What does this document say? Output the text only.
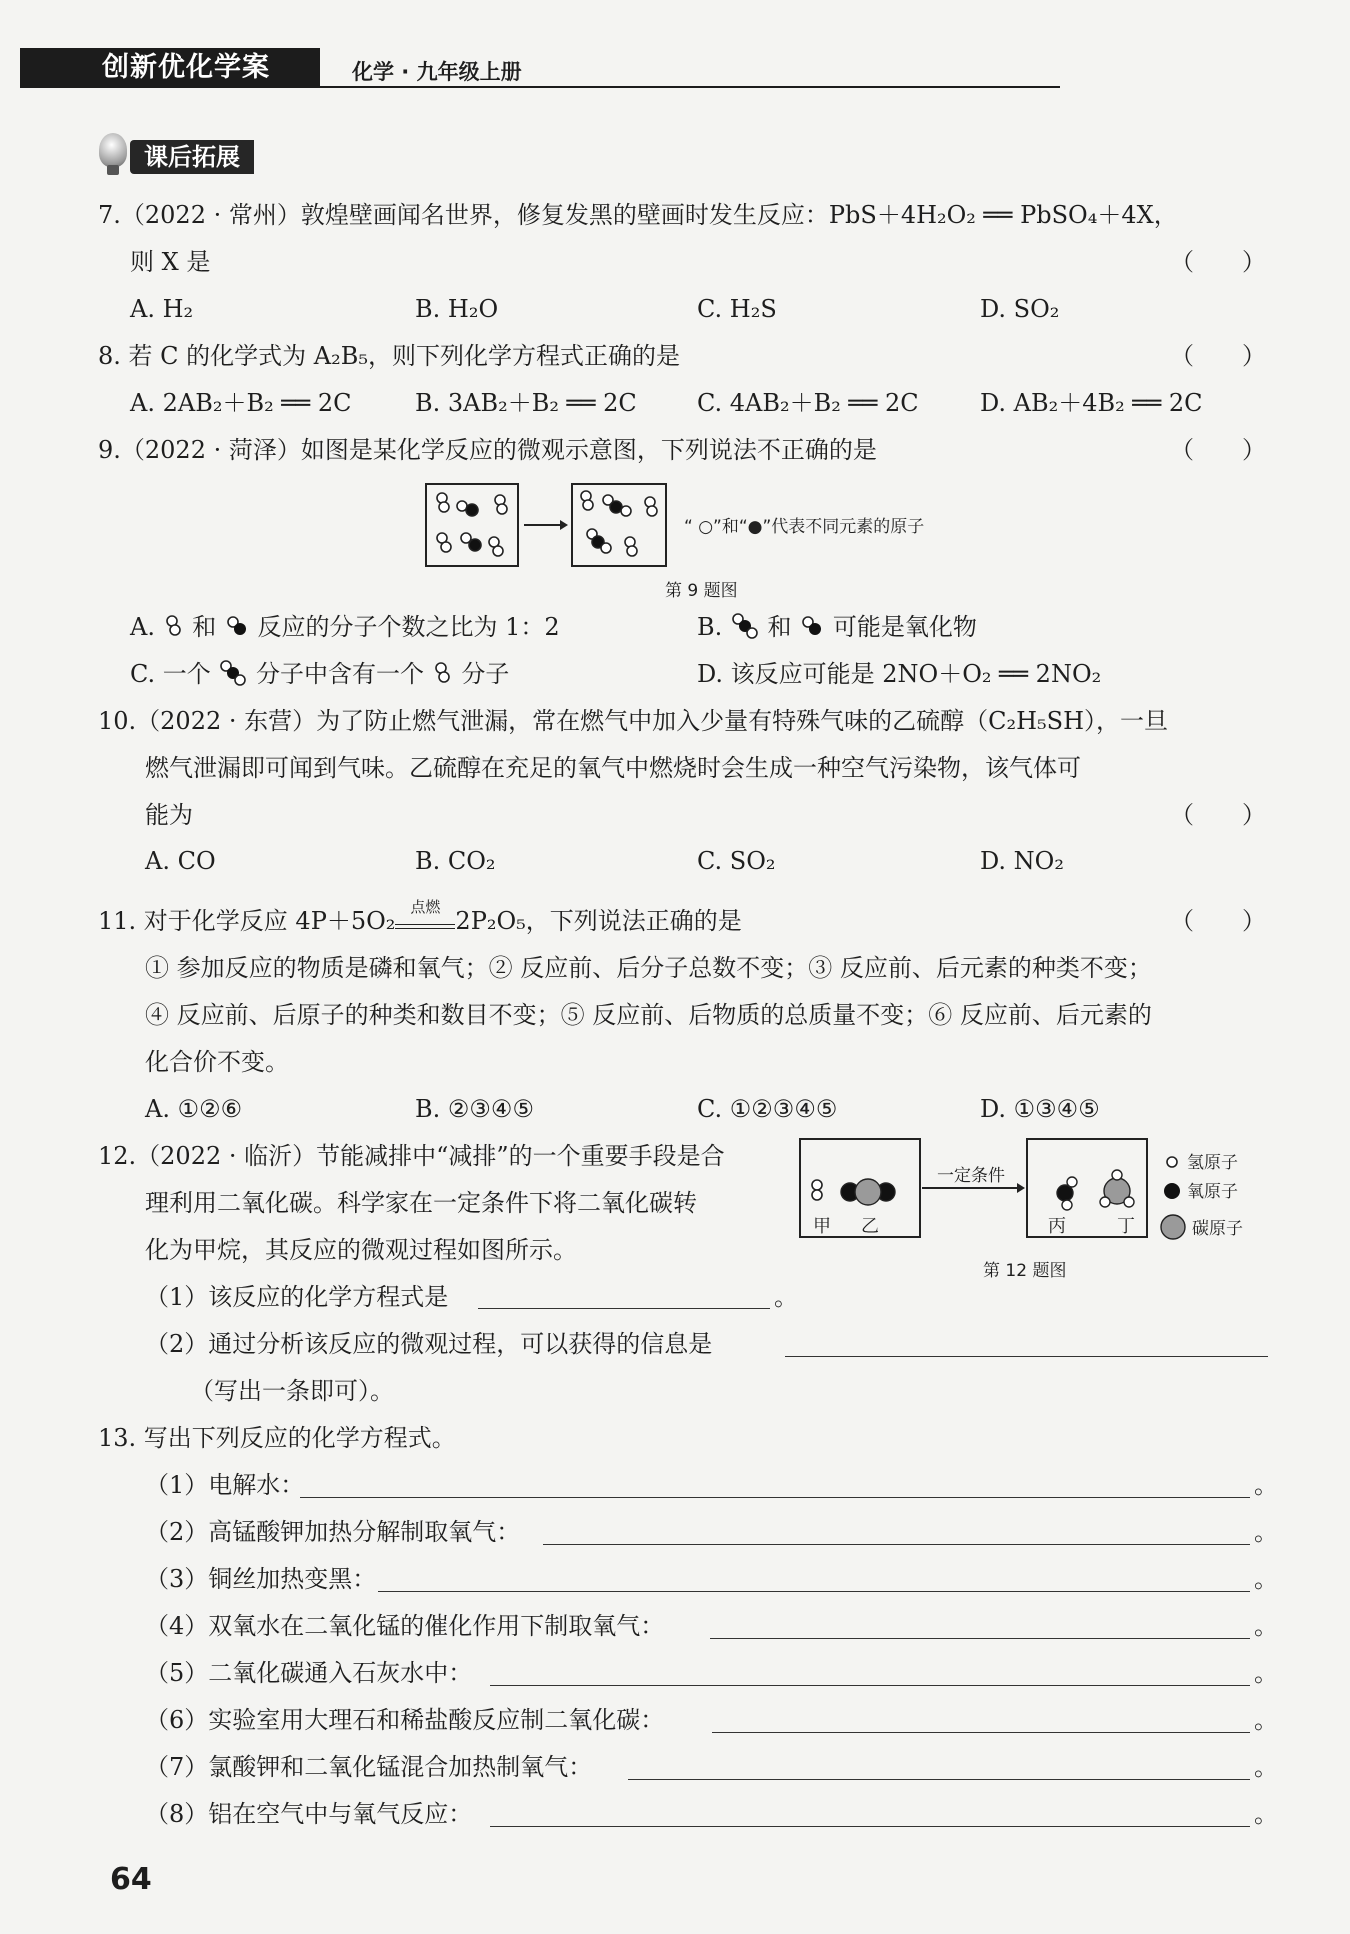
创新优化学案	化学 · 九年级上册
课后拓展
7.（2022 · 常州）敦煌壁画闻名世界，修复发黑的壁画时发生反应：PbS＋4H₂O₂ ══ PbSO₄＋4X，
则 X 是	（　　）
A. H₂	B. H₂O	C. H₂S	D. SO₂
8. 若 C 的化学式为 A₂B₅，则下列化学方程式正确的是	（　　）
A. 2AB₂＋B₂ ══ 2C	B. 3AB₂＋B₂ ══ 2C	C. 4AB₂＋B₂ ══ 2C	D. AB₂＋4B₂ ══ 2C
9.（2022 · 菏泽）如图是某化学反应的微观示意图，下列说法不正确的是	（　　）
“ ○”和“●”代表不同元素的原子
第 9 题图
A. 和 反应的分子个数之比为 1：2	B. 和 可能是氧化物
C. 一个 分子中含有一个 分子	D. 该反应可能是 2NO＋O₂ ══ 2NO₂
10.（2022 · 东营）为了防止燃气泄漏，常在燃气中加入少量有特殊气味的乙硫醇（C₂H₅SH），一旦
燃气泄漏即可闻到气味。乙硫醇在充足的氧气中燃烧时会生成一种空气污染物，该气体可
能为	（　　）
A. CO	B. CO₂	C. SO₂	D. NO₂
11. 对于化学反应 4P＋5O₂ 点燃 2P₂O₅，下列说法正确的是	（　　）
① 参加反应的物质是磷和氧气；② 反应前、后分子总数不变；③ 反应前、后元素的种类不变；
④ 反应前、后原子的种类和数目不变；⑤ 反应前、后物质的总质量不变；⑥ 反应前、后元素的
化合价不变。
A. ①②⑥	B. ②③④⑤	C. ①②③④⑤	D. ①③④⑤
12.（2022 · 临沂）节能减排中“减排”的一个重要手段是合
理利用二氧化碳。科学家在一定条件下将二氧化碳转
化为甲烷，其反应的微观过程如图所示。
一定条件
甲 乙	丙	丁
氢原子
氧原子
碳原子
第 12 题图
（1）该反应的化学方程式是	。
（2）通过分析该反应的微观过程，可以获得的信息是
（写出一条即可）。
13. 写出下列反应的化学方程式。
（1）电解水：	。
（2）高锰酸钾加热分解制取氧气：	。
（3）铜丝加热变黑：	。
（4）双氧水在二氧化锰的催化作用下制取氧气：	。
（5）二氧化碳通入石灰水中：	。
（6）实验室用大理石和稀盐酸反应制二氧化碳：	。
（7）氯酸钾和二氧化锰混合加热制氧气：	。
（8）铝在空气中与氧气反应：	。
64
